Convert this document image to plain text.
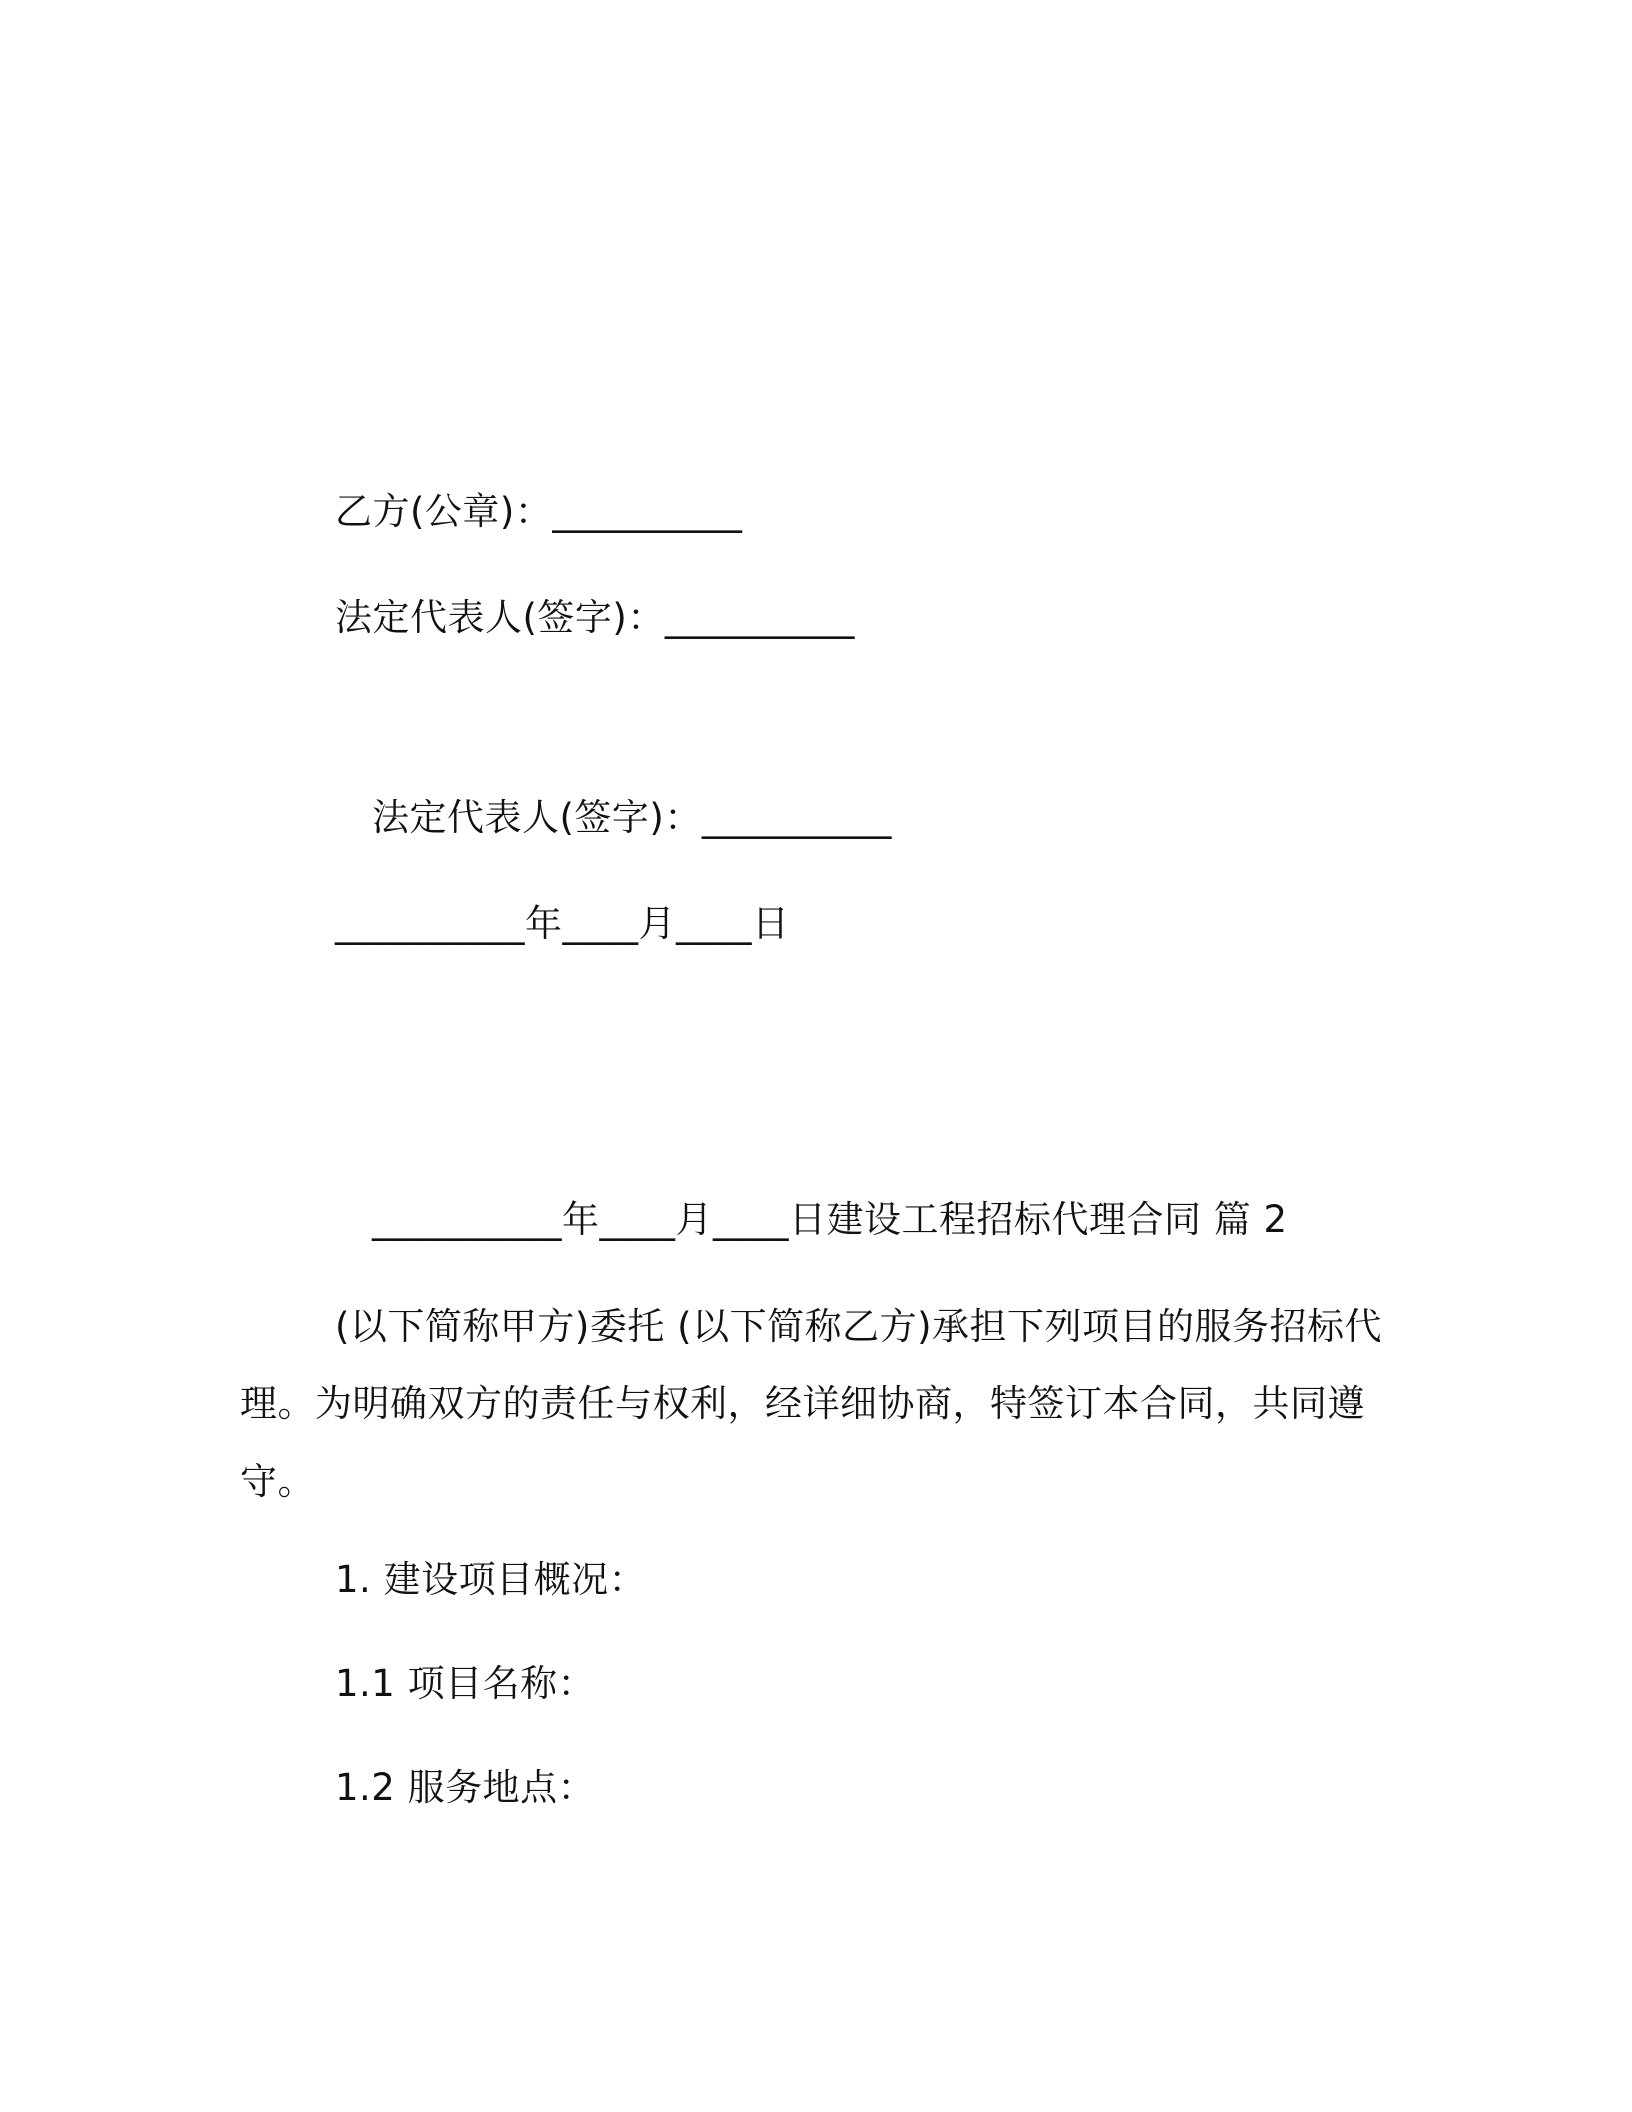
乙方(公章)：__________
法定代表人(签字)：__________
法定代表人(签字)：__________
__________年____月____日
__________年____月____日建设工程招标代理合同 篇 2
(以下简称甲方)委托 (以下简称乙方)承担下列项目的服务招标代
理。为明确双方的责任与权利，经详细协商，特签订本合同，共同遵
守。
1. 建设项目概况：
1.1 项目名称：
1.2 服务地点：
